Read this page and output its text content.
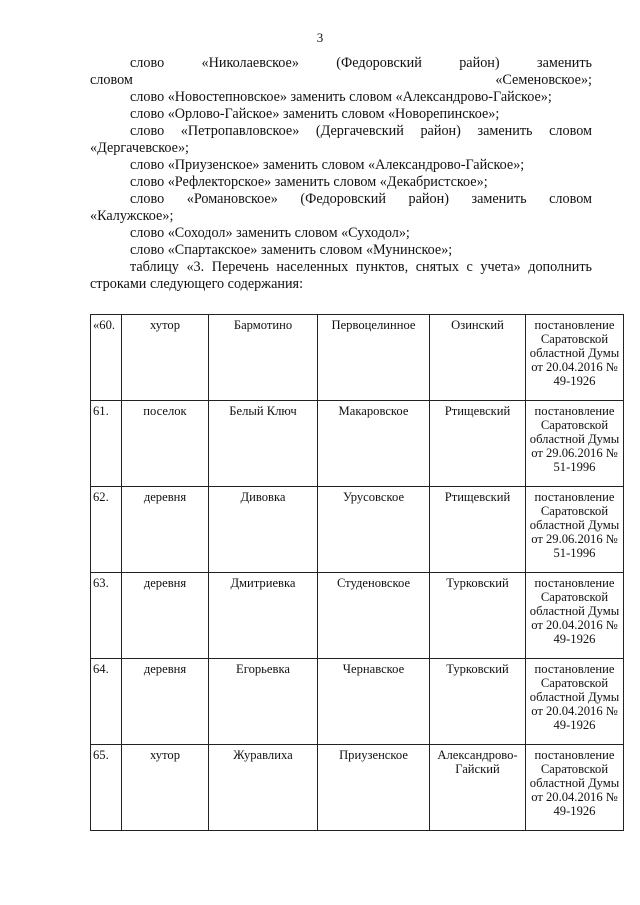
3

слово «Николаевское» (Федоровский район) заменить словом «Семеновское»;

слово «Новостепновское» заменить словом «Александрово-Гайское»;

слово «Орлово-Гайское» заменить словом «Новорепинское»;

слово «Петропавловское» (Дергачевский район) заменить словом «Дергачевское»;

слово «Приузенское» заменить словом «Александрово-Гайское»;

слово «Рефлекторское» заменить словом «Декабристское»;

слово «Романовское» (Федоровский район) заменить словом «Калужское»;

слово «Соходол» заменить словом «Суходол»;

слово «Спартакское» заменить словом «Мунинское»;

таблицу «3. Перечень населенных пунктов, снятых с учета» дополнить строками следующего содержания:

«60.	хутор	Бармотино	Первоцелинное	Озинский	постановление Саратовской областной Думы от 20.04.2016 № 49-1926
61.	поселок	Белый Ключ	Макаровское	Ртищевский	постановление Саратовской областной Думы от 29.06.2016 № 51-1996
62.	деревня	Дивовка	Урусовское	Ртищевский	постановление Саратовской областной Думы от 29.06.2016 № 51-1996
63.	деревня	Дмитриевка	Студеновское	Турковский	постановление Саратовской областной Думы от 20.04.2016 № 49-1926
64.	деревня	Егорьевка	Чернавское	Турковский	постановление Саратовской областной Думы от 20.04.2016 № 49-1926
65.	хутор	Журавлиха	Приузенское	Александрово-Гайский	постановление Саратовской областной Думы от 20.04.2016 № 49-1926
